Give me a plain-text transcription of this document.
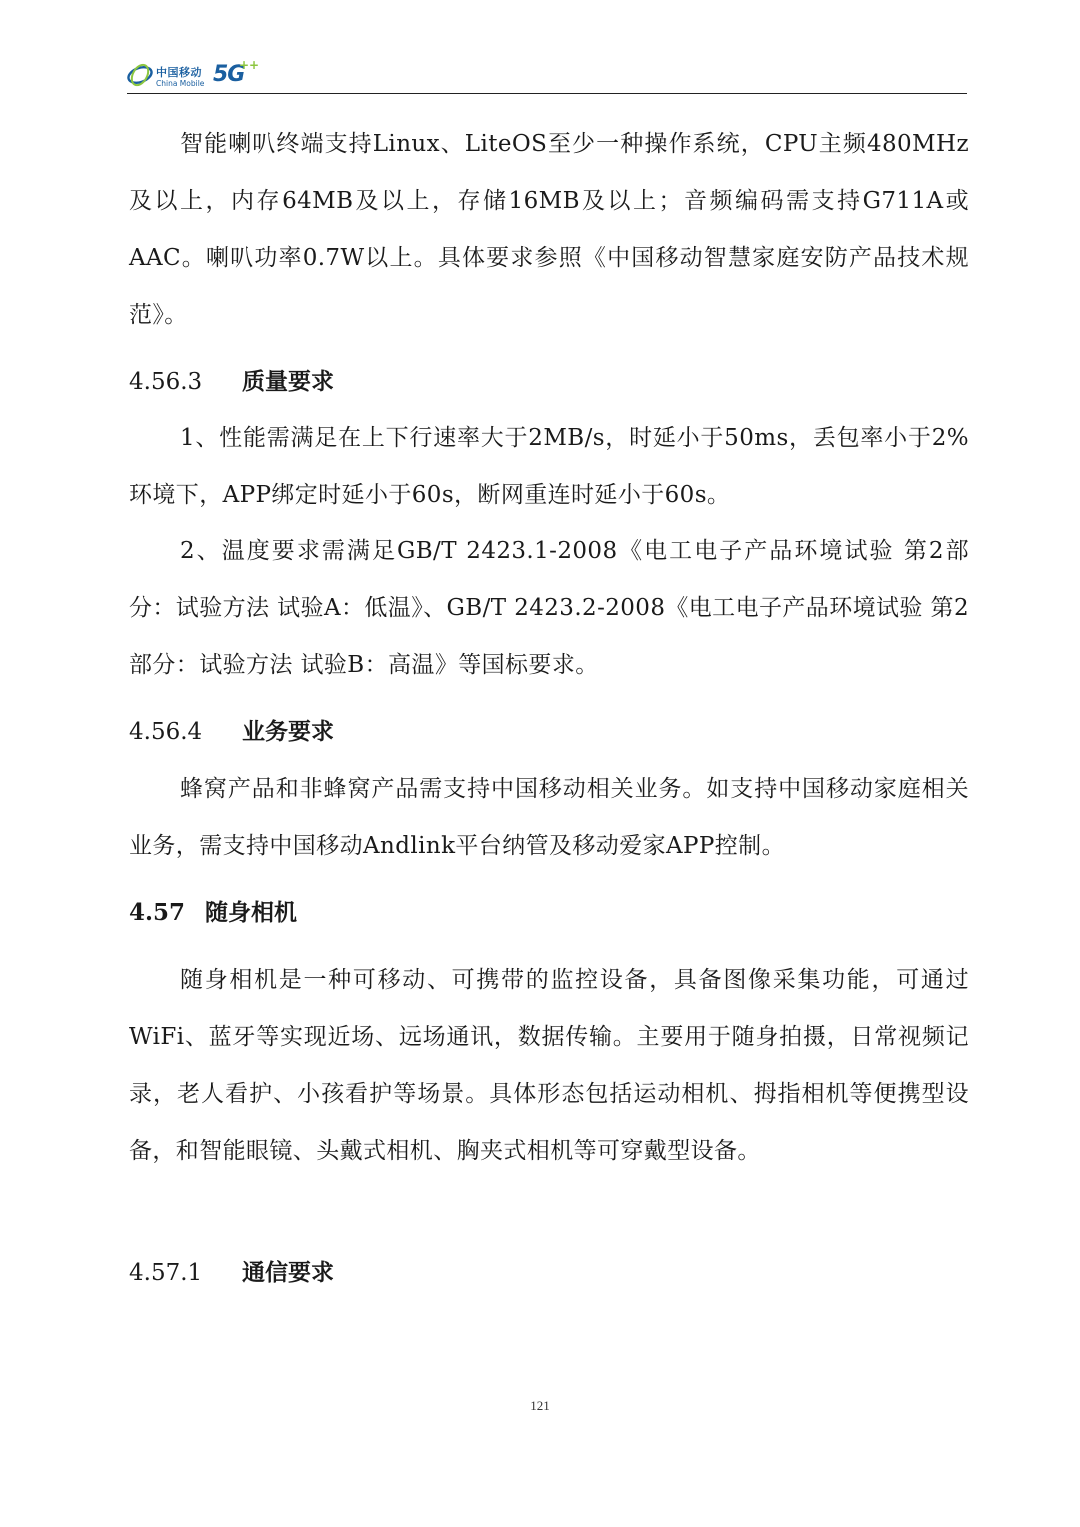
中国移动
China Mobile 5G
++

智能喇叭终端支持Linux、LiteOS至少一种操作系统，CPU主频480MHz及以上，内存64MB及以上，存储16MB及以上；音频编码需支持G711A或AAC。喇叭功率0.7W以上。具体要求参照《中国移动智慧家庭安防产品技术规范》。

4.56.3 质量要求

1、性能需满足在上下行速率大于2MB/s，时延小于50ms，丢包率小于2%环境下，APP绑定时延小于60s，断网重连时延小于60s。

2、温度要求需满足GB/T 2423.1-2008《电工电子产品环境试验 第2部分：试验方法 试验A：低温》、GB/T 2423.2-2008《电工电子产品环境试验 第2部分：试验方法 试验B：高温》等国标要求。

4.56.4 业务要求

蜂窝产品和非蜂窝产品需支持中国移动相关业务。如支持中国移动家庭相关业务，需支持中国移动Andlink平台纳管及移动爱家APP控制。

4.57 随身相机

随身相机是一种可移动、可携带的监控设备，具备图像采集功能，可通过WiFi、蓝牙等实现近场、远场通讯，数据传输。主要用于随身拍摄，日常视频记录，老人看护、小孩看护等场景。具体形态包括运动相机、拇指相机等便携型设备，和智能眼镜、头戴式相机、胸夹式相机等可穿戴型设备。

4.57.1 通信要求
121
